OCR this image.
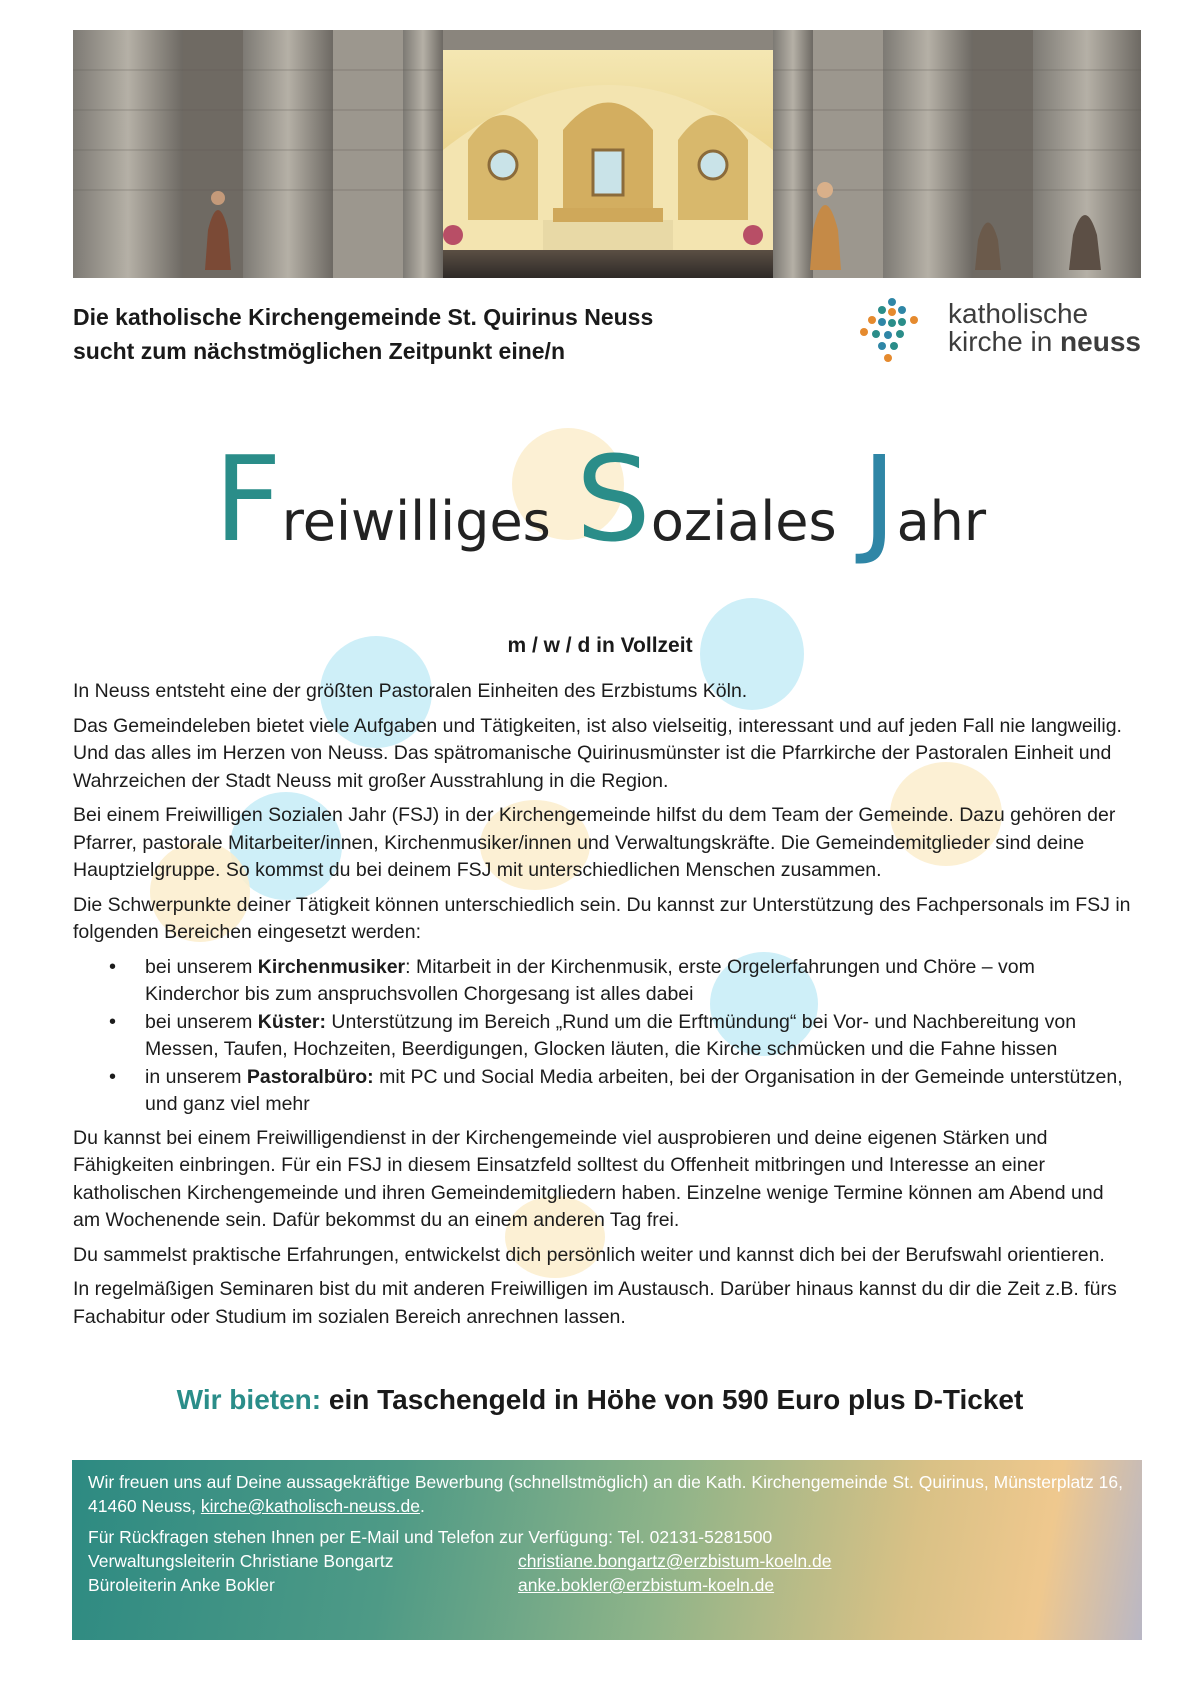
Die katholische Kirchengemeinde St. Quirinus Neuss
sucht zum nächstmöglichen Zeitpunkt eine/n
katholische
kirche in neuss
Freiwilliges Soziales Jahr
m / w / d in Vollzeit

In Neuss entsteht eine der größten Pastoralen Einheiten des Erzbistums Köln.

Das Gemeindeleben bietet viele Aufgaben und Tätigkeiten, ist also vielseitig, interessant und auf jeden Fall nie langweilig. Und das alles im Herzen von Neuss. Das spätromanische Quirinusmünster ist die Pfarrkirche der Pastoralen Einheit und Wahrzeichen der Stadt Neuss mit großer Ausstrahlung in die Region.

Bei einem Freiwilligen Sozialen Jahr (FSJ) in der Kirchengemeinde hilfst du dem Team der Gemeinde. Dazu gehören der Pfarrer, pastorale Mitarbeiter/innen, Kirchenmusiker/innen und Verwaltungskräfte. Die Gemeindemitglieder sind deine Hauptzielgruppe. So kommst du bei deinem FSJ mit unterschiedlichen Menschen zusammen.

Die Schwerpunkte deiner Tätigkeit können unterschiedlich sein. Du kannst zur Unterstützung des Fachpersonals im FSJ in folgenden Bereichen eingesetzt werden:

• bei unserem Kirchenmusiker: Mitarbeit in der Kirchenmusik, erste Orgelerfahrungen und Chöre – vom Kinderchor bis zum anspruchsvollen Chorgesang ist alles dabei
• bei unserem Küster: Unterstützung im Bereich „Rund um die Erftmündung“ bei Vor- und Nachbereitung von Messen, Taufen, Hochzeiten, Beerdigungen, Glocken läuten, die Kirche schmücken und die Fahne hissen
• in unserem Pastoralbüro: mit PC und Social Media arbeiten, bei der Organisation in der Gemeinde unterstützen, und ganz viel mehr

Du kannst bei einem Freiwilligendienst in der Kirchengemeinde viel ausprobieren und deine eigenen Stärken und Fähigkeiten einbringen. Für ein FSJ in diesem Einsatzfeld solltest du Offenheit mitbringen und Interesse an einer katholischen Kirchengemeinde und ihren Gemeindemitgliedern haben. Einzelne wenige Termine können am Abend und am Wochenende sein. Dafür bekommst du an einem anderen Tag frei.

Du sammelst praktische Erfahrungen, entwickelst dich persönlich weiter und kannst dich bei der Berufswahl orientieren.

In regelmäßigen Seminaren bist du mit anderen Freiwilligen im Austausch. Darüber hinaus kannst du dir die Zeit z.B. fürs Fachabitur oder Studium im sozialen Bereich anrechnen lassen.

Wir bieten: ein Taschengeld in Höhe von 590 Euro plus D-Ticket

Wir freuen uns auf Deine aussagekräftige Bewerbung (schnellstmöglich) an die Kath. Kirchengemeinde St. Quirinus, Münsterplatz 16, 41460 Neuss, kirche@katholisch-neuss.de.

Für Rückfragen stehen Ihnen per E-Mail und Telefon zur Verfügung: Tel. 02131-5281500
Verwaltungsleiterin Christiane Bongartz	christiane.bongartz@erzbistum-koeln.de
Büroleiterin Anke Bokler	anke.bokler@erzbistum-koeln.de
